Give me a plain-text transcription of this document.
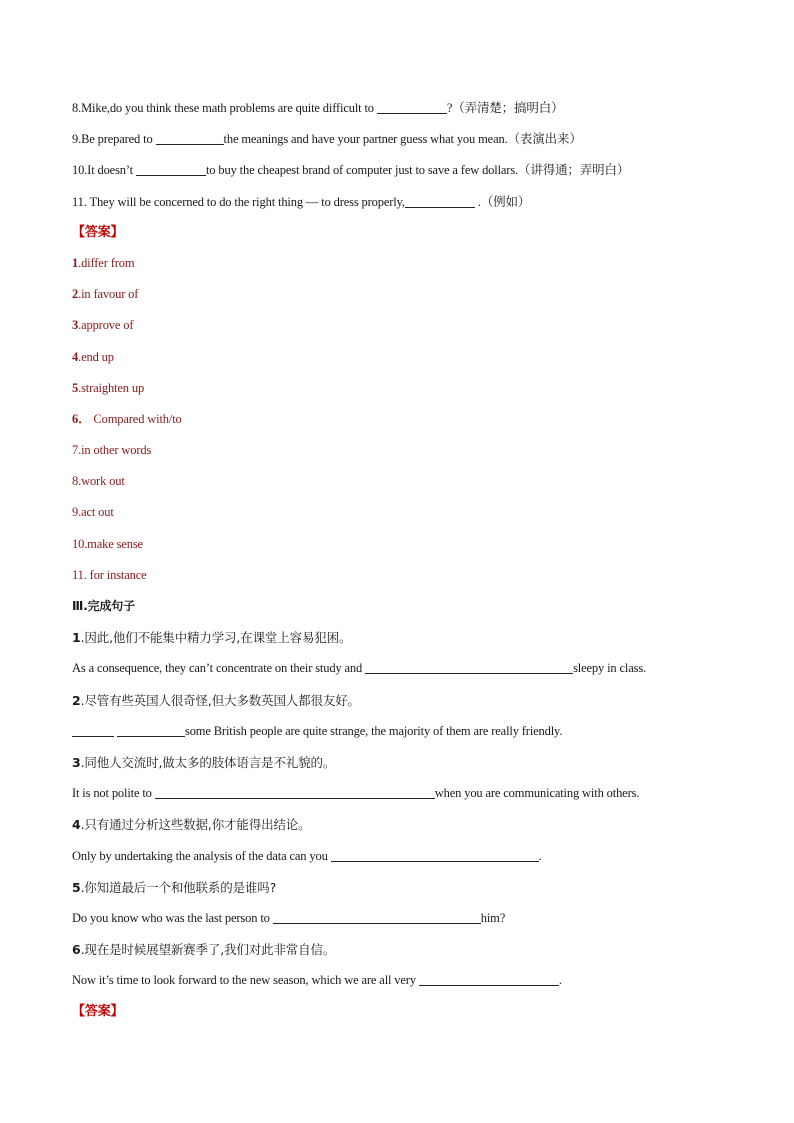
8.Mike,do you think these math problems are quite difficult to	?（弄清楚；搞明白）
9.Be prepared to	the meanings and have your partner guess what you mean.（表演出来）
10.It doesn’t	to buy the cheapest brand of computer just to save a few dollars.（讲得通；弄明白）
11. They will be concerned to do the right thing — to dress properly,	.（例如）
【答案】
1.differ from
2.in favour of
3.approve of
4.end up
5.straighten up
6． Compared with/to
7.in other words
8.work out
9.act out
10.make sense
11. for instance
Ⅲ.完成句子
1.因此,他们不能集中精力学习,在课堂上容易犯困。
As a consequence, they can’t concentrate on their study and	sleepy in class.
2.尽管有些英国人很奇怪,但大多数英国人都很友好。
some British people are quite strange, the majority of them are really friendly.
3.同他人交流时,做太多的肢体语言是不礼貌的。
It is not polite to	when you are communicating with others.
4.只有通过分析这些数据,你才能得出结论。
Only by undertaking the analysis of the data can you	.
5.你知道最后一个和他联系的是谁吗?
Do you know who was the last person to	him?
6.现在是时候展望新赛季了,我们对此非常自信。
Now it’s time to look forward to the new season, which we are all very	.
【答案】
